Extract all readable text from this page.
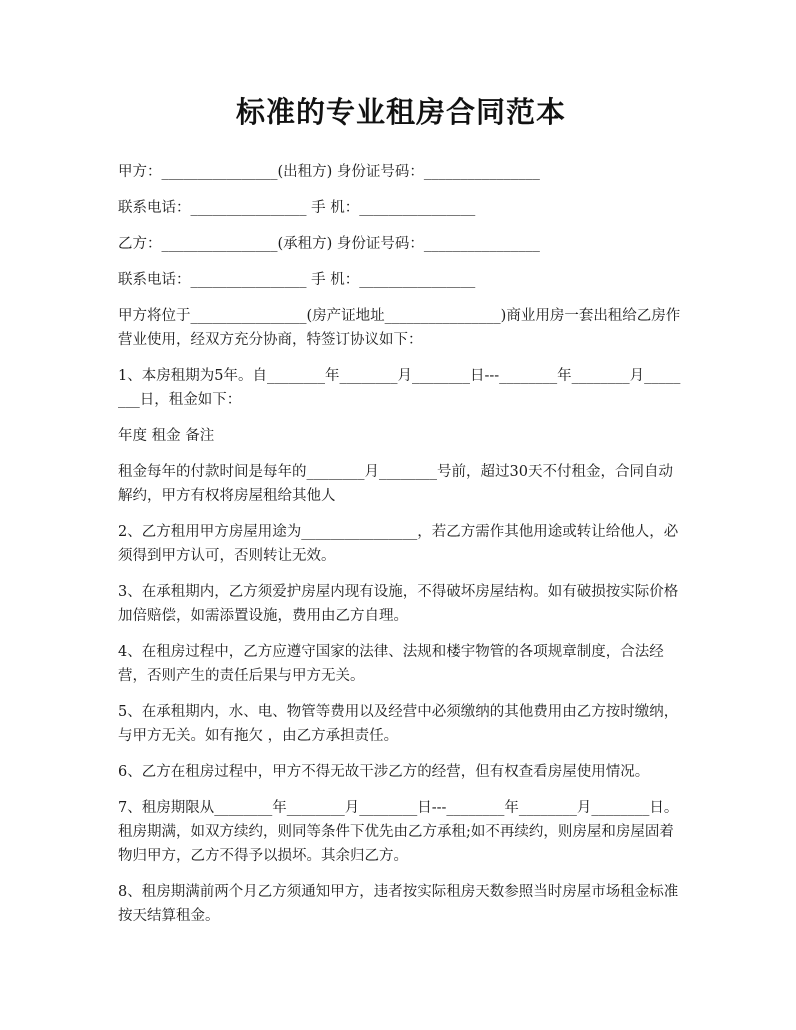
标准的专业租房合同范本

甲方：________________(出租方) 身份证号码：________________

联系电话：________________ 手 机：________________

乙方：________________(承租方) 身份证号码：________________

联系电话：________________ 手 机：________________

甲方将位于________________(房产证地址________________)商业用房一套出租给乙房作营业使用，经双方充分协商，特签订协议如下：

1、本房租期为5年。自________年________月________日---________年________月________日，租金如下：

年度 租金 备注

租金每年的付款时间是每年的________月________号前，超过30天不付租金，合同自动解约，甲方有权将房屋租给其他人

2、乙方租用甲方房屋用途为________________，若乙方需作其他用途或转让给他人，必须得到甲方认可，否则转让无效。

3、在承租期内，乙方须爱护房屋内现有设施，不得破坏房屋结构。如有破损按实际价格加倍赔偿，如需添置设施，费用由乙方自理。

4、在租房过程中，乙方应遵守国家的法律、法规和楼宇物管的各项规章制度，合法经营，否则产生的责任后果与甲方无关。

5、在承租期内，水、电、物管等费用以及经营中必须缴纳的其他费用由乙方按时缴纳，与甲方无关。如有拖欠 ，由乙方承担责任。

6、乙方在租房过程中，甲方不得无故干涉乙方的经营，但有权查看房屋使用情况。

7、租房期限从________年________月________日---________年________月________日。租房期满，如双方续约，则同等条件下优先由乙方承租;如不再续约，则房屋和房屋固着物归甲方，乙方不得予以损坏。其余归乙方。

8、租房期满前两个月乙方须通知甲方，违者按实际租房天数参照当时房屋市场租金标准按天结算租金。
